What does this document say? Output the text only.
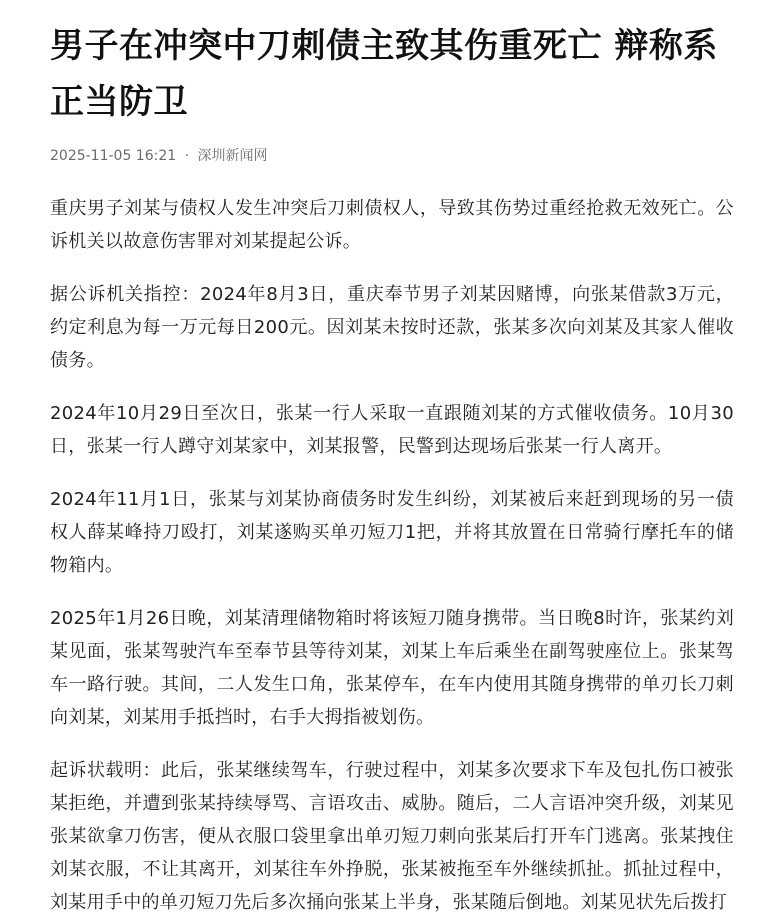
男子在冲突中刀刺债主致其伤重死亡 辩称系正当防卫
2025-11-05 16:21 · 深圳新闻网

重庆男子刘某与债权人发生冲突后刀刺债权人，导致其伤势过重经抢救无效死亡。公诉机关以故意伤害罪对刘某提起公诉。

据公诉机关指控：2024年8月3日，重庆奉节男子刘某因赌博，向张某借款3万元，约定利息为每一万元每日200元。因刘某未按时还款，张某多次向刘某及其家人催收债务。

2024年10月29日至次日，张某一行人采取一直跟随刘某的方式催收债务。10月30日，张某一行人蹲守刘某家中，刘某报警，民警到达现场后张某一行人离开。

2024年11月1日，张某与刘某协商债务时发生纠纷，刘某被后来赶到现场的另一债权人薛某峰持刀殴打，刘某遂购买单刃短刀1把，并将其放置在日常骑行摩托车的储物箱内。

2025年1月26日晚，刘某清理储物箱时将该短刀随身携带。当日晚8时许，张某约刘某见面，张某驾驶汽车至奉节县等待刘某，刘某上车后乘坐在副驾驶座位上。张某驾车一路行驶。其间，二人发生口角，张某停车，在车内使用其随身携带的单刃长刀刺向刘某，刘某用手抵挡时，右手大拇指被划伤。

起诉状载明：此后，张某继续驾车，行驶过程中，刘某多次要求下车及包扎伤口被张某拒绝，并遭到张某持续辱骂、言语攻击、威胁。随后，二人言语冲突升级，刘某见张某欲拿刀伤害，便从衣服口袋里拿出单刃短刀刺向张某后打开车门逃离。张某拽住刘某衣服，不让其离开，刘某往车外挣脱，张某被拖至车外继续抓扯。抓扯过程中，刘某用手中的单刃短刀先后多次捅向张某上半身，张某随后倒地。刘某见状先后拨打
